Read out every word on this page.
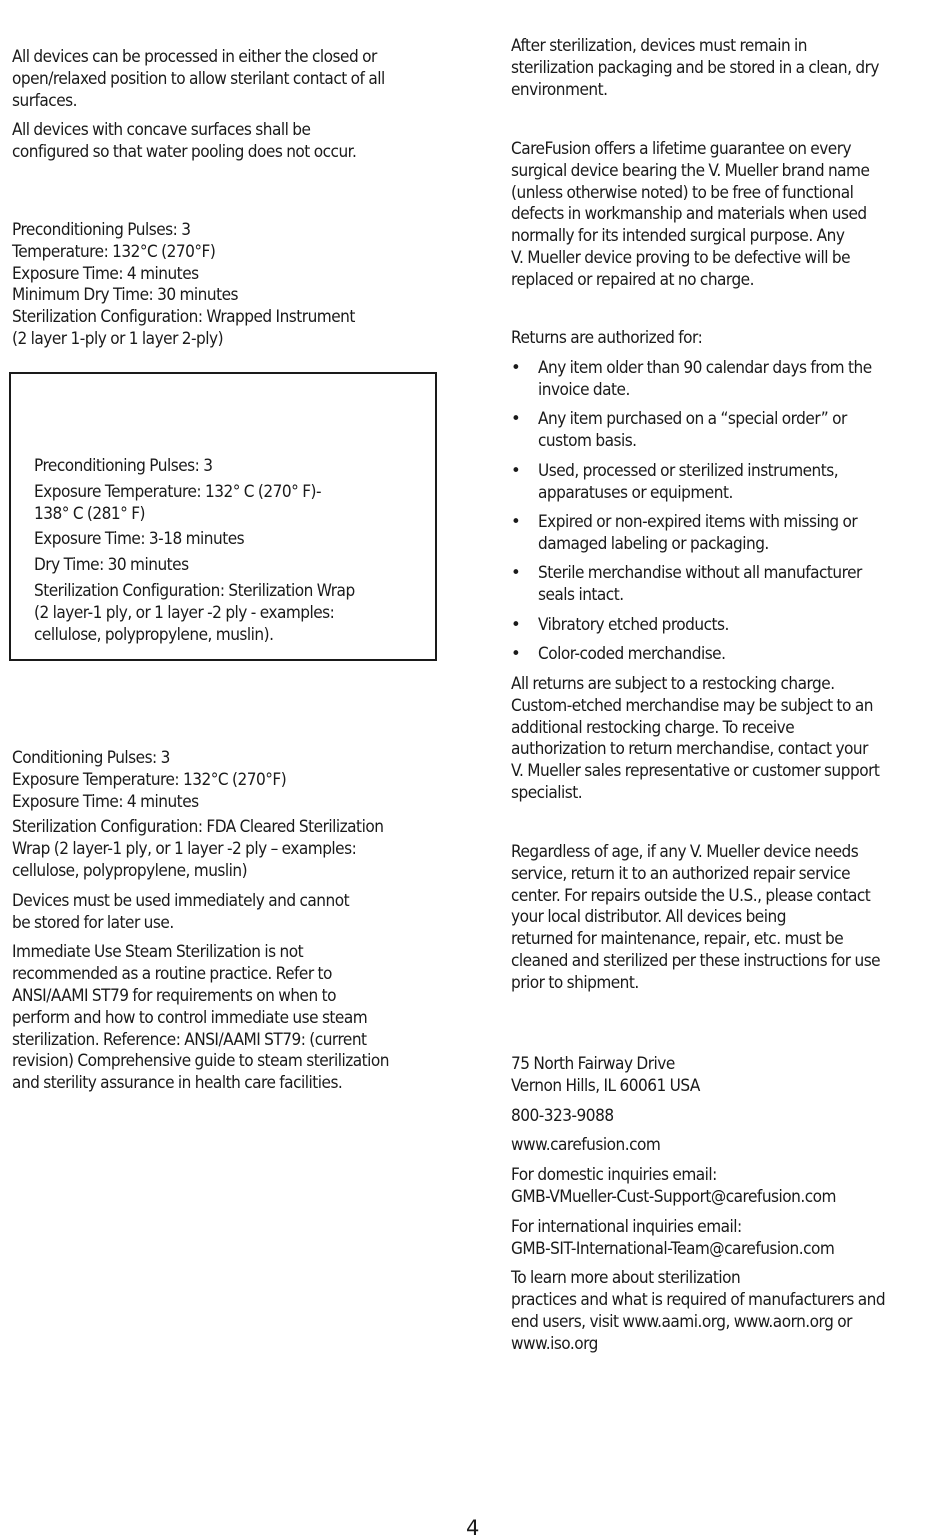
All devices can be processed in either the closed or
open/relaxed position to allow sterilant contact of all
surfaces.

All devices with concave surfaces shall be
configured so that water pooling does not occur.

Preconditioning Pulses: 3

Temperature: 132°C (270°F)

Exposure Time: 4 minutes

Minimum Dry Time: 30 minutes

Sterilization Configuration: Wrapped Instrument
(2 layer 1-ply or 1 layer 2-ply)

Preconditioning Pulses: 3

Exposure Temperature: 132° C (270° F)-
138° C (281° F)

Exposure Time: 3-18 minutes

Dry Time: 30 minutes

Sterilization Configuration: Sterilization Wrap
(2 layer-1 ply, or 1 layer -2 ply - examples:
cellulose, polypropylene, muslin).

Conditioning Pulses: 3

Exposure Temperature: 132°C (270°F)

Exposure Time: 4 minutes

Sterilization Configuration: FDA Cleared Sterilization
Wrap (2 layer-1 ply, or 1 layer -2 ply – examples:
cellulose, polypropylene, muslin)

Devices must be used immediately and cannot
be stored for later use.

Immediate Use Steam Sterilization is not
recommended as a routine practice. Refer to
ANSI/AAMI ST79 for requirements on when to
perform and how to control immediate use steam
sterilization. Reference: ANSI/AAMI ST79: (current
revision) Comprehensive guide to steam sterilization
and sterility assurance in health care facilities.

After sterilization, devices must remain in
sterilization packaging and be stored in a clean, dry
environment.

CareFusion offers a lifetime guarantee on every
surgical device bearing the V. Mueller brand name
(unless otherwise noted) to be free of functional
defects in workmanship and materials when used
normally for its intended surgical purpose. Any
V. Mueller device proving to be defective will be
replaced or repaired at no charge.

Returns are authorized for:

• Any item older than 90 calendar days from the
invoice date.
• Any item purchased on a “special order” or
custom basis.
• Used, processed or sterilized instruments,
apparatuses or equipment.
• Expired or non-expired items with missing or
damaged labeling or packaging.
• Sterile merchandise without all manufacturer
seals intact.
• Vibratory etched products.
• Color-coded merchandise.

All returns are subject to a restocking charge.
Custom-etched merchandise may be subject to an
additional restocking charge. To receive
authorization to return merchandise, contact your
V. Mueller sales representative or customer support
specialist.

Regardless of age, if any V. Mueller device needs
service, return it to an authorized repair service
center. For repairs outside the U.S., please contact
your local distributor. All devices being
returned for maintenance, repair, etc. must be
cleaned and sterilized per these instructions for use
prior to shipment.

75 North Fairway Drive
Vernon Hills, IL 60061 USA

800-323-9088

www.carefusion.com

For domestic inquiries email:
GMB-VMueller-Cust-Support@carefusion.com

For international inquiries email:
GMB-SIT-International-Team@carefusion.com

To learn more about sterilization
practices and what is required of manufacturers and
end users, visit www.aami.org, www.aorn.org or
www.iso.org

4
